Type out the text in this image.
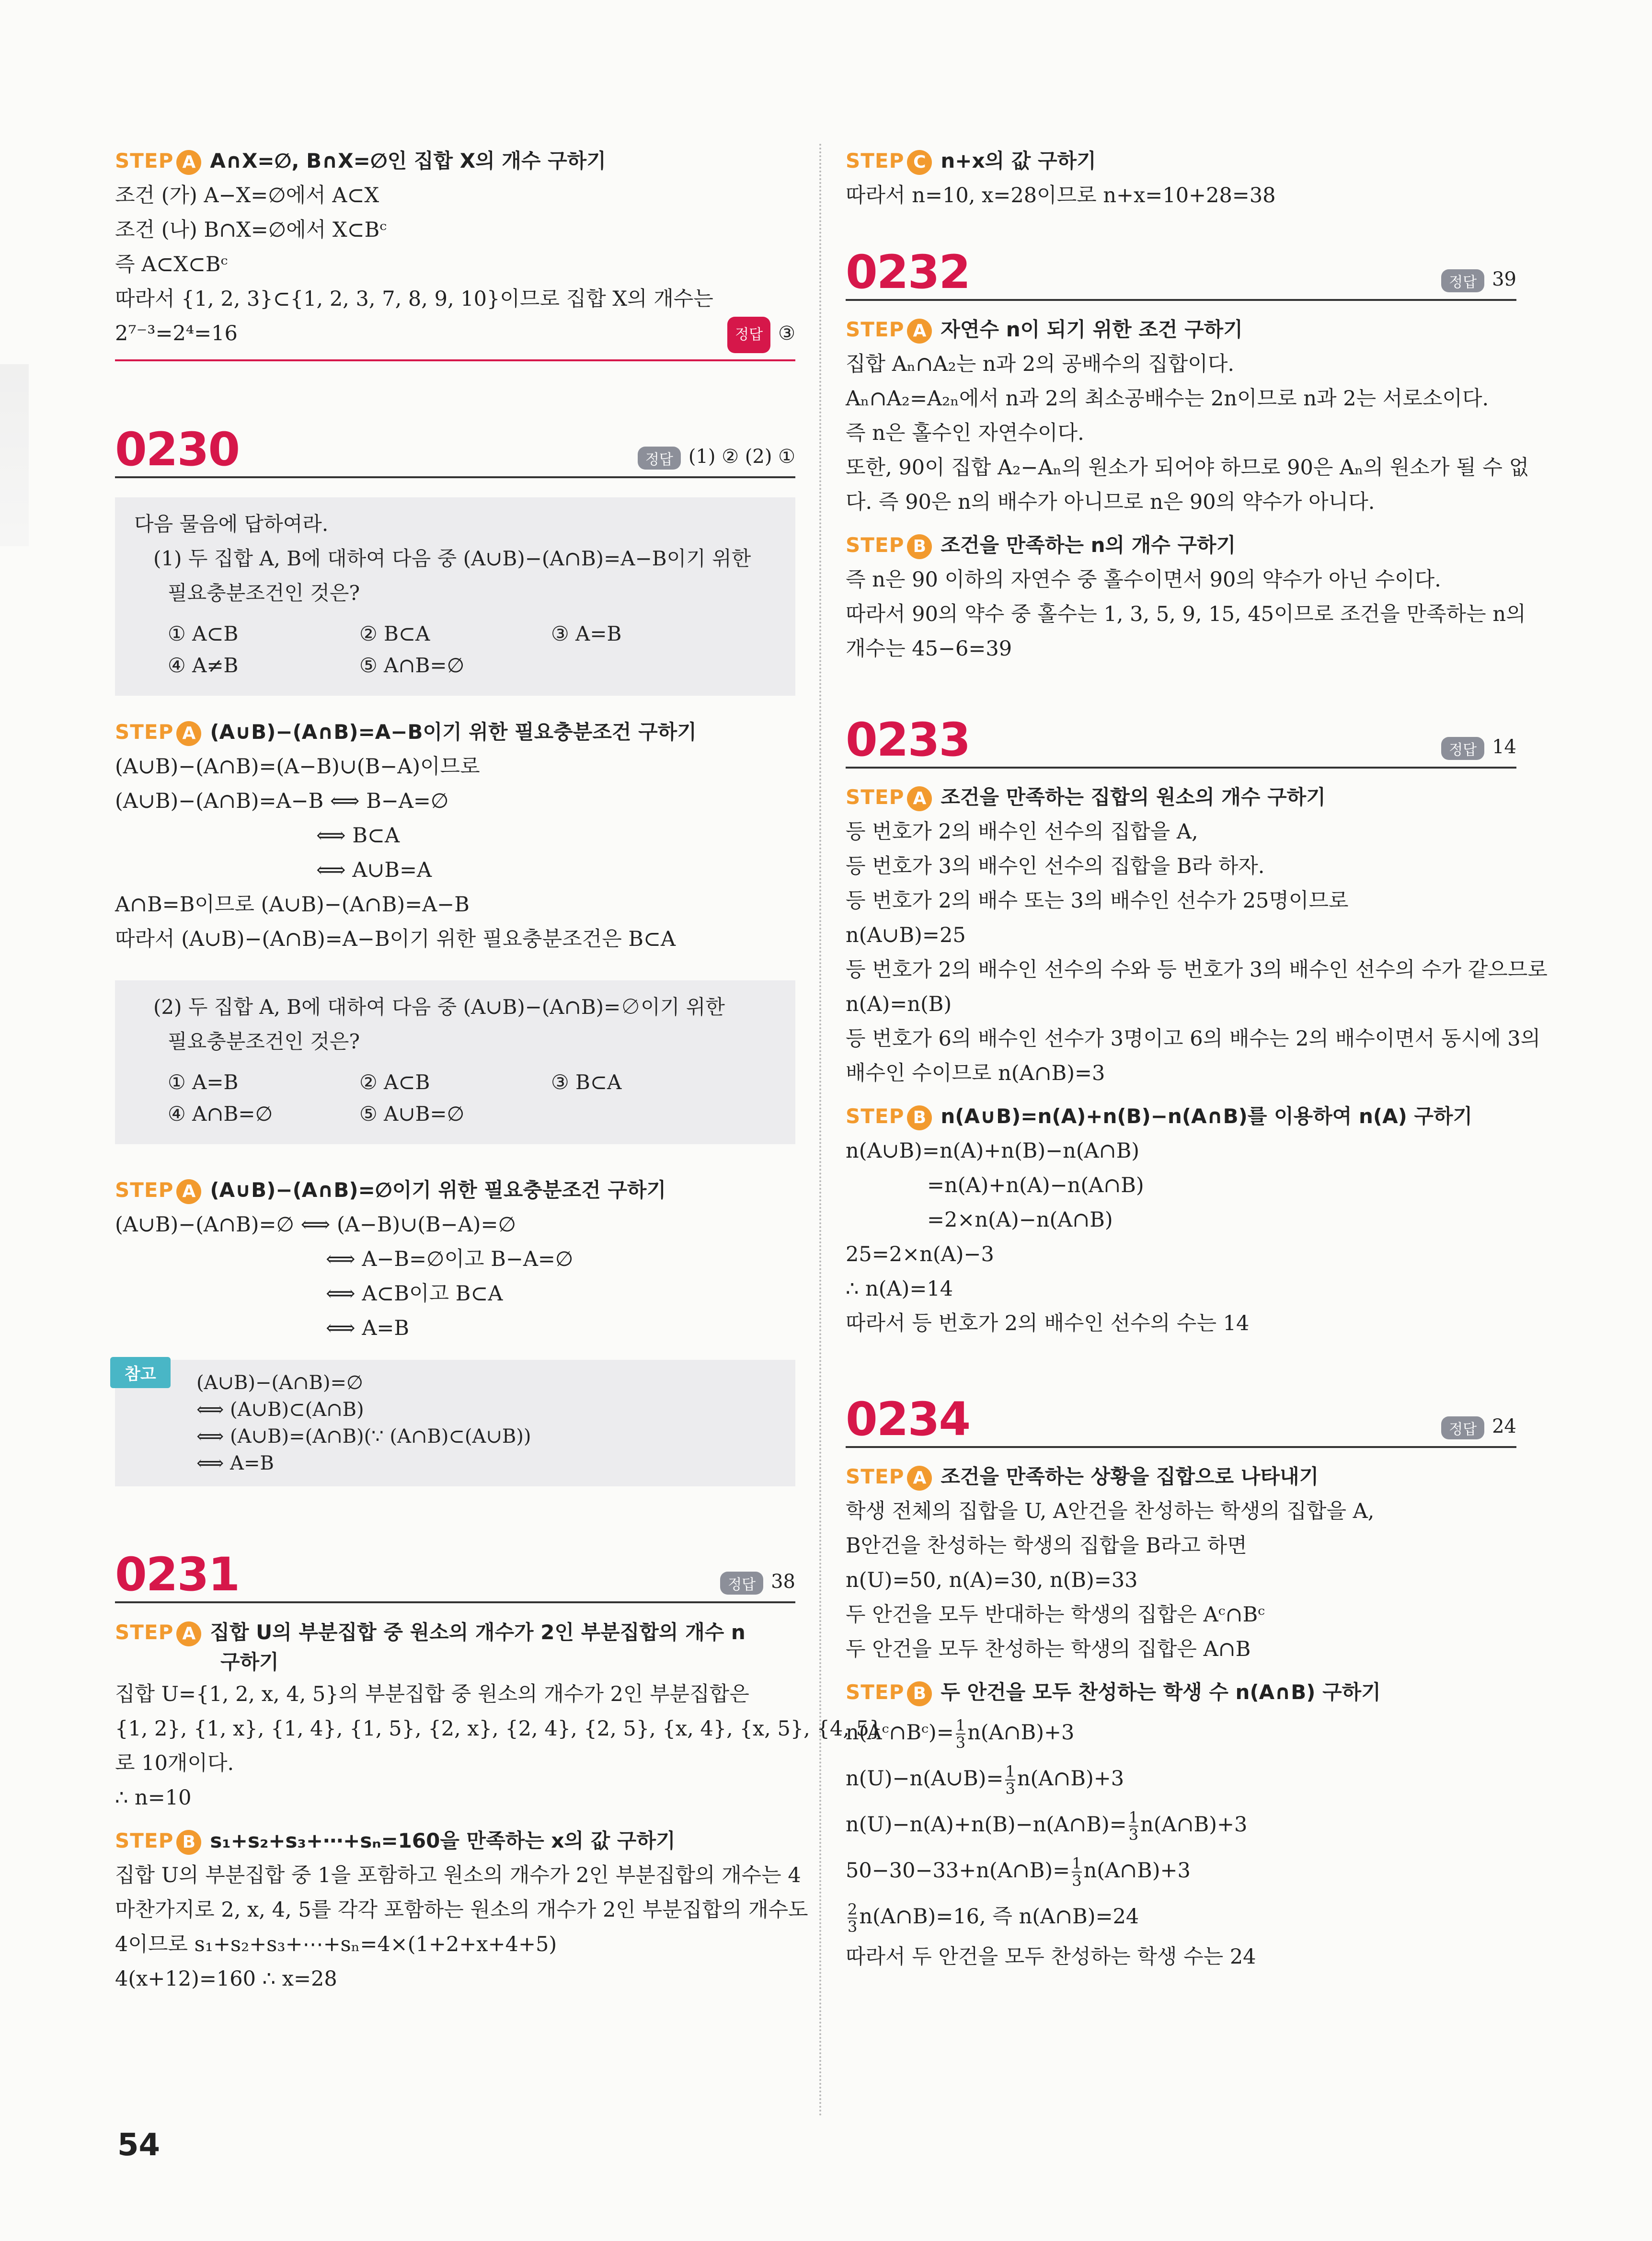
STEP A A∩X=∅, B∩X=∅인 집합 X의 개수 구하기
조건 (가) A−X=∅에서 A⊂X
조건 (나) B∩X=∅에서 X⊂Bᶜ
즉 A⊂X⊂Bᶜ
따라서 {1, 2, 3}⊂{1, 2, 3, 7, 8, 9, 10}이므로 집합 X의 개수는
2⁷⁻³=2⁴=16	정답 ③
0230	정답 (1) ② (2) ①
다음 물음에 답하여라.
(1) 두 집합 A, B에 대하여 다음 중 (A∪B)−(A∩B)=A−B이기 위한
필요충분조건인 것은?
① A⊂B	② B⊂A	③ A=B
④ A≠B	⑤ A∩B=∅
STEP A (A∪B)−(A∩B)=A−B이기 위한 필요충분조건 구하기
(A∪B)−(A∩B)=(A−B)∪(B−A)이므로
(A∪B)−(A∩B)=A−B ⟺ B−A=∅
⟺ B⊂A
⟺ A∪B=A
A∩B=B이므로 (A∪B)−(A∩B)=A−B
따라서 (A∪B)−(A∩B)=A−B이기 위한 필요충분조건은 B⊂A
(2) 두 집합 A, B에 대하여 다음 중 (A∪B)−(A∩B)=∅이기 위한
필요충분조건인 것은?
① A=B	② A⊂B	③ B⊂A
④ A∩B=∅	⑤ A∪B=∅
STEP A (A∪B)−(A∩B)=∅이기 위한 필요충분조건 구하기
(A∪B)−(A∩B)=∅ ⟺ (A−B)∪(B−A)=∅
⟺ A−B=∅이고 B−A=∅
⟺ A⊂B이고 B⊂A
⟺ A=B
참고	(A∪B)−(A∩B)=∅
⟺ (A∪B)⊂(A∩B)
⟺ (A∪B)=(A∩B)(∵ (A∩B)⊂(A∪B))
⟺ A=B
0231	정답 38
STEP A 집합 U의 부분집합 중 원소의 개수가 2인 부분집합의 개수 n
구하기
집합 U={1, 2, x, 4, 5}의 부분집합 중 원소의 개수가 2인 부분집합은
{1, 2}, {1, x}, {1, 4}, {1, 5}, {2, x}, {2, 4}, {2, 5}, {x, 4}, {x, 5}, {4, 5}
로 10개이다.
∴ n=10
STEP B s₁+s₂+s₃+⋯+sₙ=160을 만족하는 x의 값 구하기
집합 U의 부분집합 중 1을 포함하고 원소의 개수가 2인 부분집합의 개수는 4
마찬가지로 2, x, 4, 5를 각각 포함하는 원소의 개수가 2인 부분집합의 개수도
4이므로 s₁+s₂+s₃+⋯+sₙ=4×(1+2+x+4+5)
4(x+12)=160 ∴ x=28
STEP C n+x의 값 구하기
따라서 n=10, x=28이므로 n+x=10+28=38
0232	정답 39
STEP A 자연수 n이 되기 위한 조건 구하기
집합 Aₙ∩A₂는 n과 2의 공배수의 집합이다.
Aₙ∩A₂=A₂ₙ에서 n과 2의 최소공배수는 2n이므로 n과 2는 서로소이다.
즉 n은 홀수인 자연수이다.
또한, 90이 집합 A₂−Aₙ의 원소가 되어야 하므로 90은 Aₙ의 원소가 될 수 없
다. 즉 90은 n의 배수가 아니므로 n은 90의 약수가 아니다.
STEP B 조건을 만족하는 n의 개수 구하기
즉 n은 90 이하의 자연수 중 홀수이면서 90의 약수가 아닌 수이다.
따라서 90의 약수 중 홀수는 1, 3, 5, 9, 15, 45이므로 조건을 만족하는 n의
개수는 45−6=39
0233	정답 14
STEP A 조건을 만족하는 집합의 원소의 개수 구하기
등 번호가 2의 배수인 선수의 집합을 A,
등 번호가 3의 배수인 선수의 집합을 B라 하자.
등 번호가 2의 배수 또는 3의 배수인 선수가 25명이므로
n(A∪B)=25
등 번호가 2의 배수인 선수의 수와 등 번호가 3의 배수인 선수의 수가 같으므로
n(A)=n(B)
등 번호가 6의 배수인 선수가 3명이고 6의 배수는 2의 배수이면서 동시에 3의
배수인 수이므로 n(A∩B)=3
STEP B n(A∪B)=n(A)+n(B)−n(A∩B)를 이용하여 n(A) 구하기
n(A∪B)=n(A)+n(B)−n(A∩B)
=n(A)+n(A)−n(A∩B)
=2×n(A)−n(A∩B)
25=2×n(A)−3
∴ n(A)=14
따라서 등 번호가 2의 배수인 선수의 수는 14
0234	정답 24
STEP A 조건을 만족하는 상황을 집합으로 나타내기
학생 전체의 집합을 U, A안건을 찬성하는 학생의 집합을 A,
B안건을 찬성하는 학생의 집합을 B라고 하면
n(U)=50, n(A)=30, n(B)=33
두 안건을 모두 반대하는 학생의 집합은 Aᶜ∩Bᶜ
두 안건을 모두 찬성하는 학생의 집합은 A∩B
STEP B 두 안건을 모두 찬성하는 학생 수 n(A∩B) 구하기
n(Aᶜ∩Bᶜ)= $\frac{1}{3}$ n(A∩B)+3
n(U)−n(A∪B)= $\frac{1}{3}$ n(A∩B)+3
n(U)−n(A)+n(B)−n(A∩B)= $\frac{1}{3}$ n(A∩B)+3
50−30−33+n(A∩B)= $\frac{1}{3}$ n(A∩B)+3
$\frac{2}{3}$ n(A∩B)=16, 즉 n(A∩B)=24
따라서 두 안건을 모두 찬성하는 학생 수는 24
54
